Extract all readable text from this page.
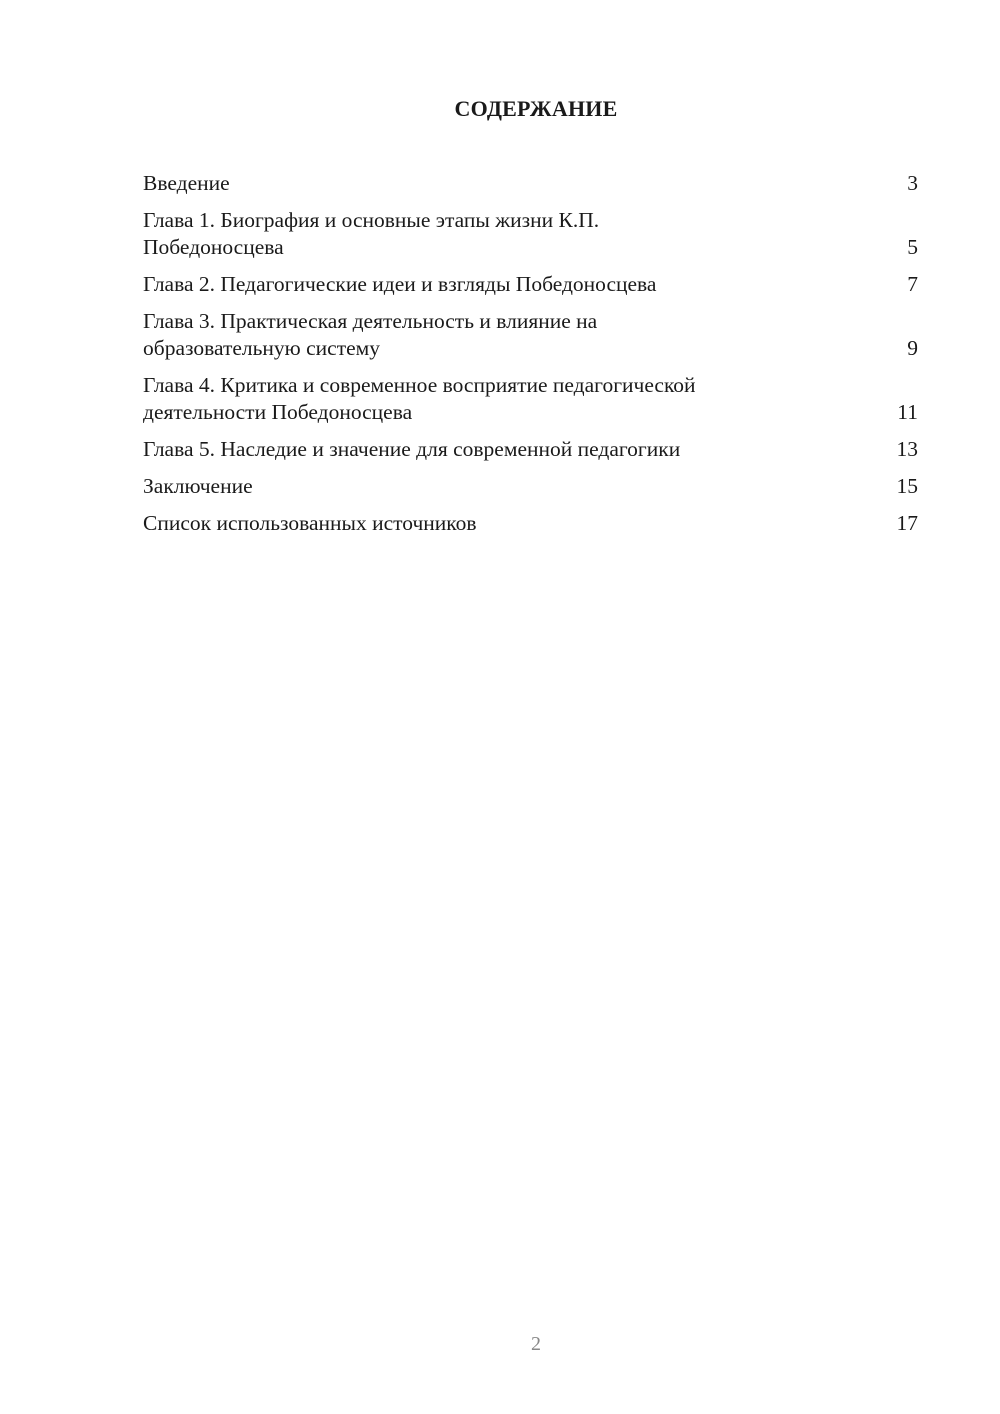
СОДЕРЖАНИЕ
Введение	3
Глава 1. Биография и основные этапы жизни К.П.
Победоносцева	5
Глава 2. Педагогические идеи и взгляды Победоносцева	7
Глава 3. Практическая деятельность и влияние на
образовательную систему	9
Глава 4. Критика и современное восприятие педагогической
деятельности Победоносцева	11
Глава 5. Наследие и значение для современной педагогики	13
Заключение	15
Список использованных источников	17
2
